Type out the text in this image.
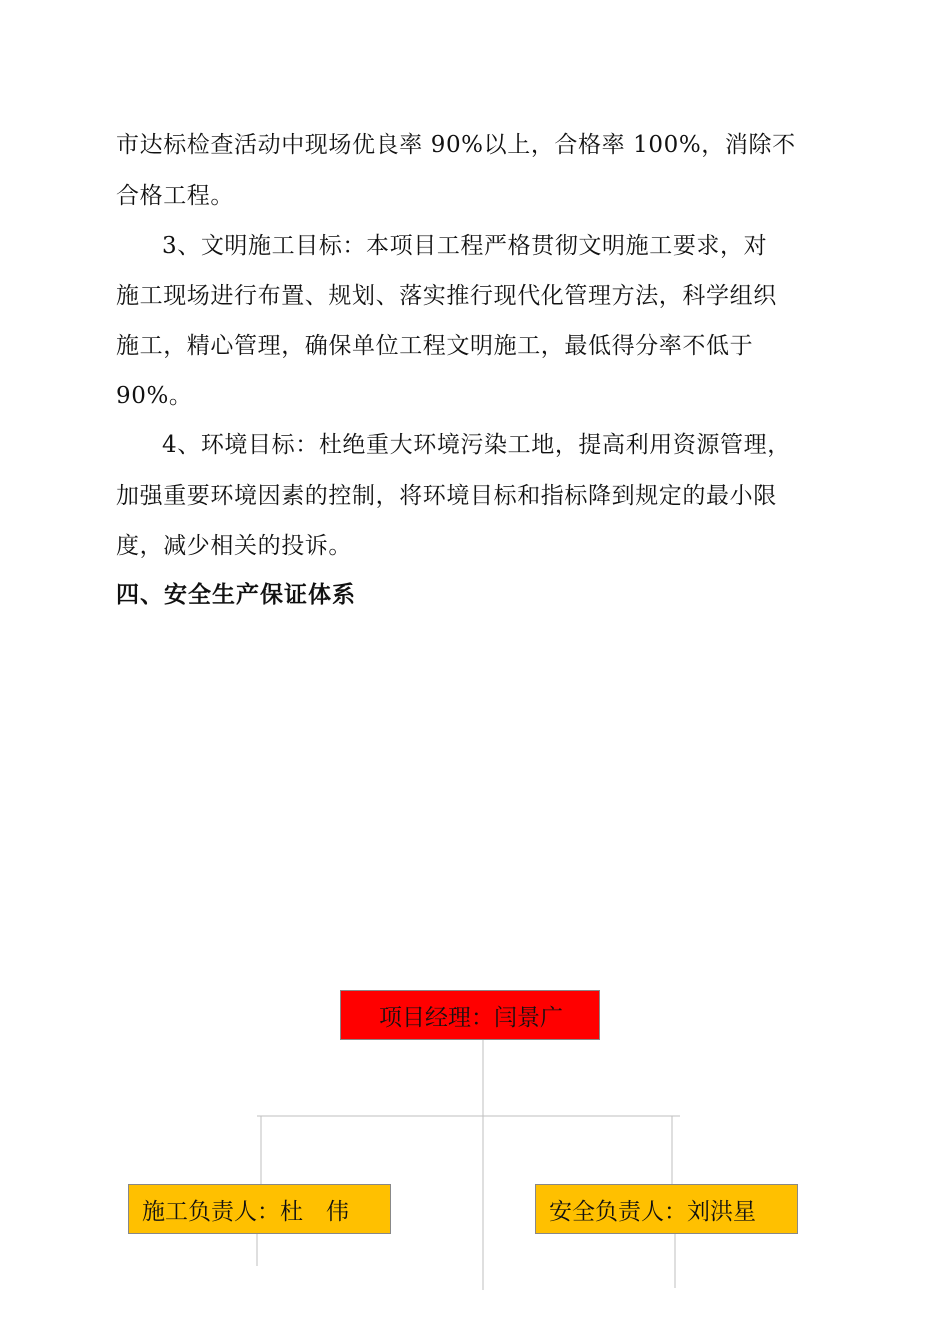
市达标检查活动中现场优良率 90%以上，合格率 100%，消除不
合格工程。
3、文明施工目标：本项目工程严格贯彻文明施工要求，对
施工现场进行布置、规划、落实推行现代化管理方法，科学组织
施工，精心管理，确保单位工程文明施工，最低得分率不低于
90%。
4、环境目标：杜绝重大环境污染工地，提高利用资源管理，
加强重要环境因素的控制，将环境目标和指标降到规定的最小限
度，减少相关的投诉。
四、安全生产保证体系
项目经理：闫景广
施工负责人：杜　伟	安全负责人：刘洪星
